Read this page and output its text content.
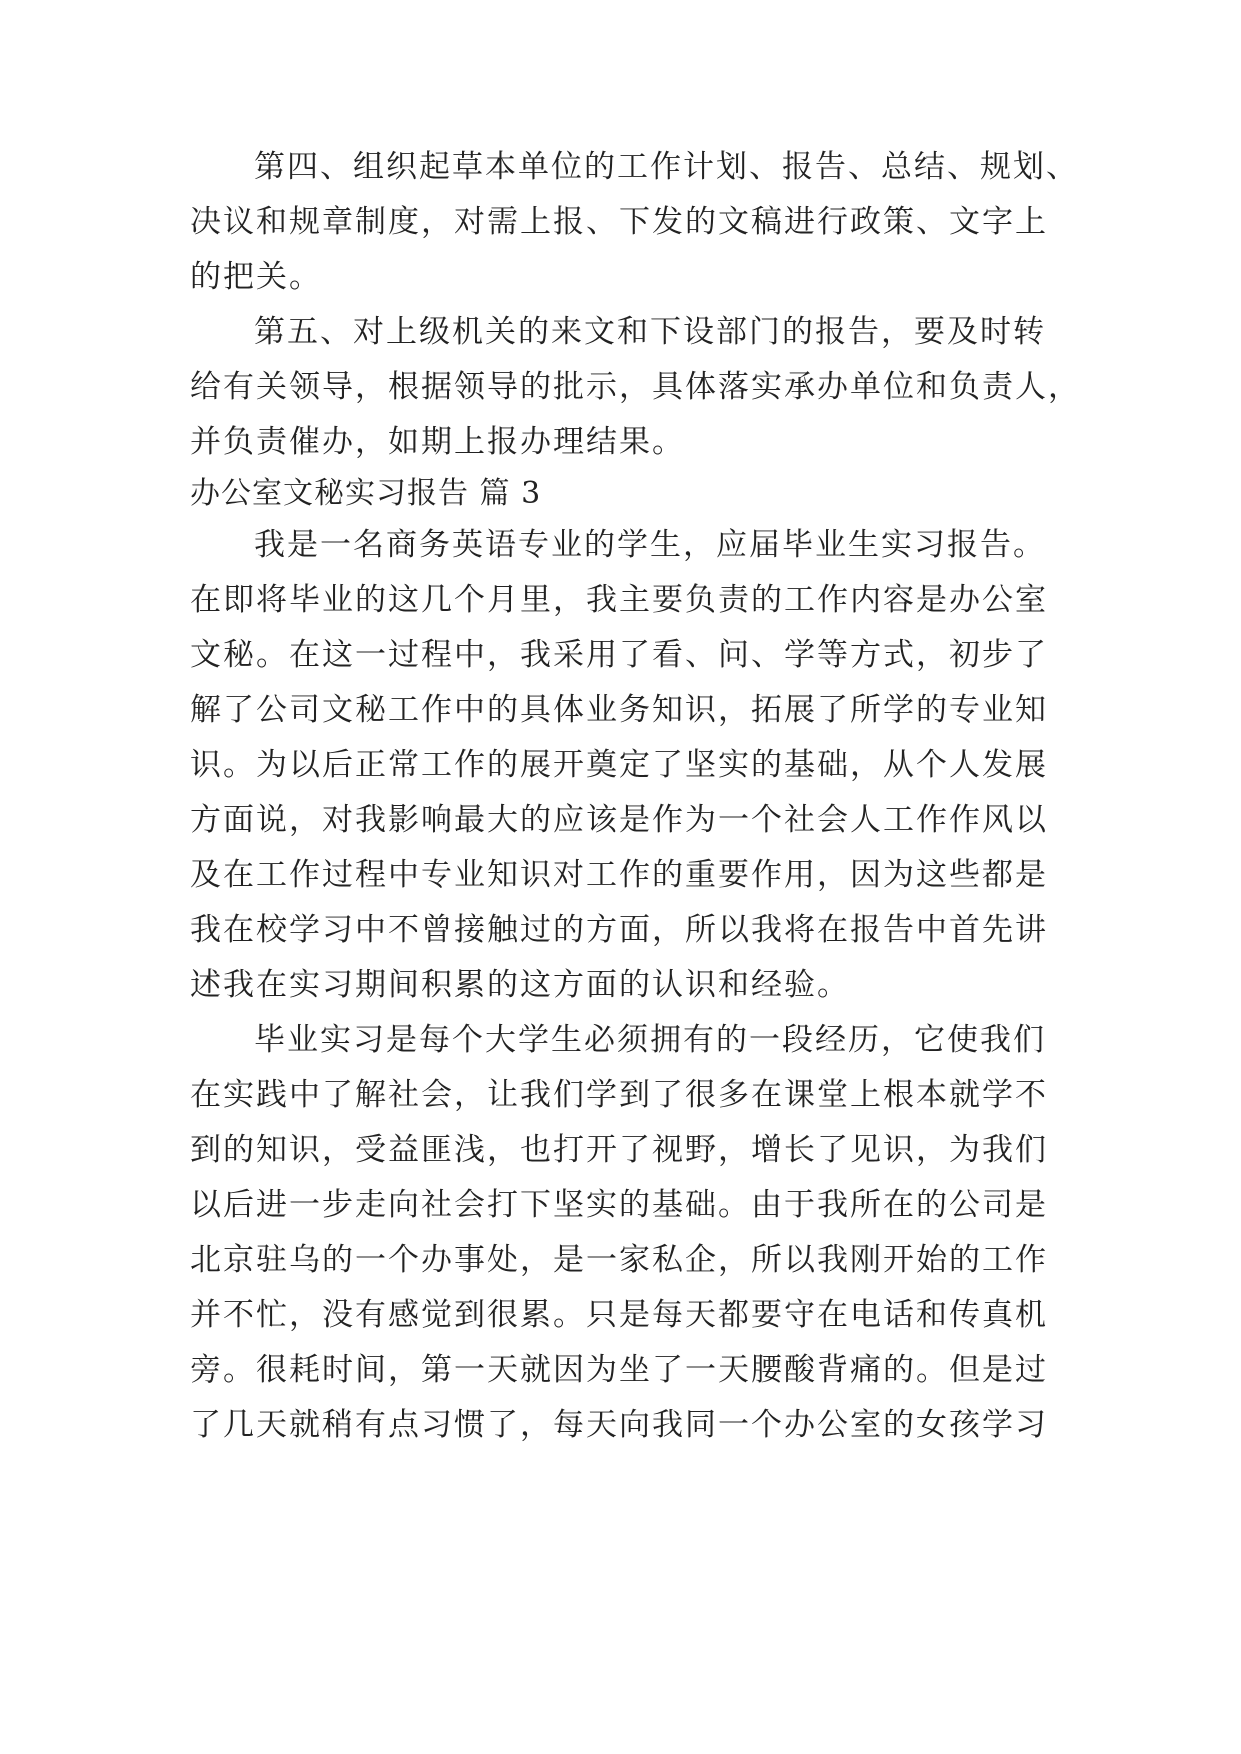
第四、组织起草本单位的工作计划、报告、总结、规划、
决议和规章制度，对需上报、下发的文稿进行政策、文字上
的把关。
第五、对上级机关的来文和下设部门的报告，要及时转
给有关领导，根据领导的批示，具体落实承办单位和负责人，
并负责催办，如期上报办理结果。
办公室文秘实习报告 篇 3
我是一名商务英语专业的学生，应届毕业生实习报告。
在即将毕业的这几个月里，我主要负责的工作内容是办公室
文秘。在这一过程中，我采用了看、问、学等方式，初步了
解了公司文秘工作中的具体业务知识，拓展了所学的专业知
识。为以后正常工作的展开奠定了坚实的基础，从个人发展
方面说，对我影响最大的应该是作为一个社会人工作作风以
及在工作过程中专业知识对工作的重要作用，因为这些都是
我在校学习中不曾接触过的方面，所以我将在报告中首先讲
述我在实习期间积累的这方面的认识和经验。
毕业实习是每个大学生必须拥有的一段经历，它使我们
在实践中了解社会，让我们学到了很多在课堂上根本就学不
到的知识，受益匪浅，也打开了视野，增长了见识，为我们
以后进一步走向社会打下坚实的基础。由于我所在的公司是
北京驻乌的一个办事处，是一家私企，所以我刚开始的工作
并不忙，没有感觉到很累。只是每天都要守在电话和传真机
旁。很耗时间，第一天就因为坐了一天腰酸背痛的。但是过
了几天就稍有点习惯了，每天向我同一个办公室的女孩学习
